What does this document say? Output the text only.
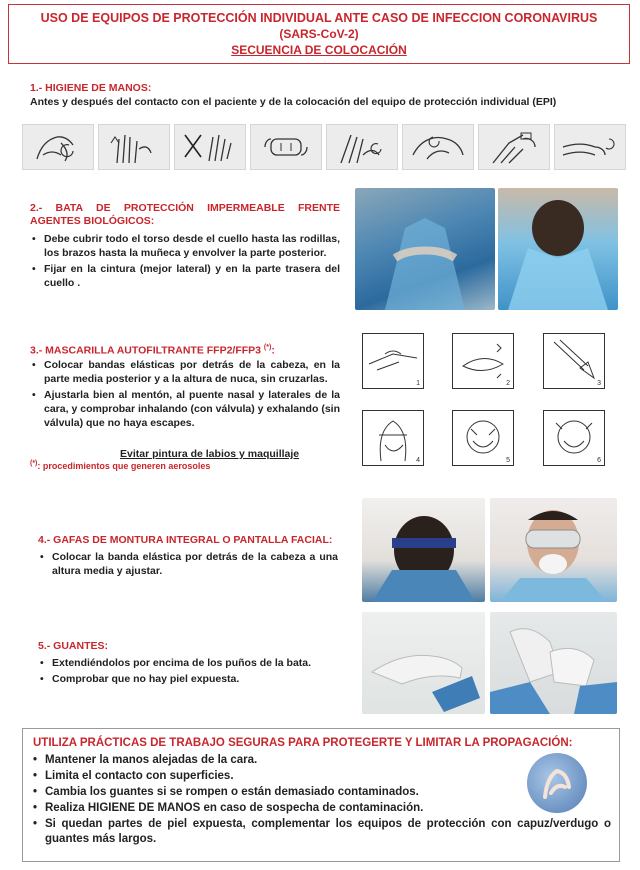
USO DE EQUIPOS DE PROTECCIÓN INDIVIDUAL ANTE CASO DE INFECCION CORONAVIRUS
(SARS-CoV-2)
SECUENCIA DE COLOCACIÓN
1.- HIGIENE DE MANOS:
Antes y después del contacto con el paciente y de la colocación del equipo de protección individual (EPI)
2.- BATA DE PROTECCIÓN IMPERMEABLE FRENTE AGENTES BIOLÓGICOS:
• Debe cubrir todo el torso desde el cuello hasta las rodillas, los brazos hasta la muñeca y envolver la parte posterior.
• Fijar en la cintura (mejor lateral) y en la parte trasera del cuello .
3.- MASCARILLA AUTOFILTRANTE FFP2/FFP3 (*):
• Colocar bandas elásticas por detrás de la cabeza, en la parte media posterior y a la altura de nuca, sin cruzarlas.
• Ajustarla bien al mentón, al puente nasal y laterales de la cara, y comprobar inhalando (con válvula) y exhalando (sin válvula) que no haya escapes.
Evitar pintura de labios y maquillaje
(*): procedimientos que generen aerosoles
1	2	3
4	5	6
4.- GAFAS DE MONTURA INTEGRAL O PANTALLA FACIAL:
• Colocar la banda elástica por detrás de la cabeza a una altura media y ajustar.
5.- GUANTES:
• Extendiéndolos por encima de los puños de la bata.
• Comprobar que no hay piel expuesta.
UTILIZA PRÁCTICAS DE TRABAJO SEGURAS PARA PROTEGERTE Y LIMITAR LA PROPAGACIÓN:
• Mantener la manos alejadas de la cara.
• Limita el contacto con superficies.
• Cambia los guantes si se rompen o están demasiado contaminados.
• Realiza HIGIENE DE MANOS en caso de sospecha de contaminación.
• Si quedan partes de piel expuesta, complementar los equipos de protección con capuz/verdugo o guantes más largos.
